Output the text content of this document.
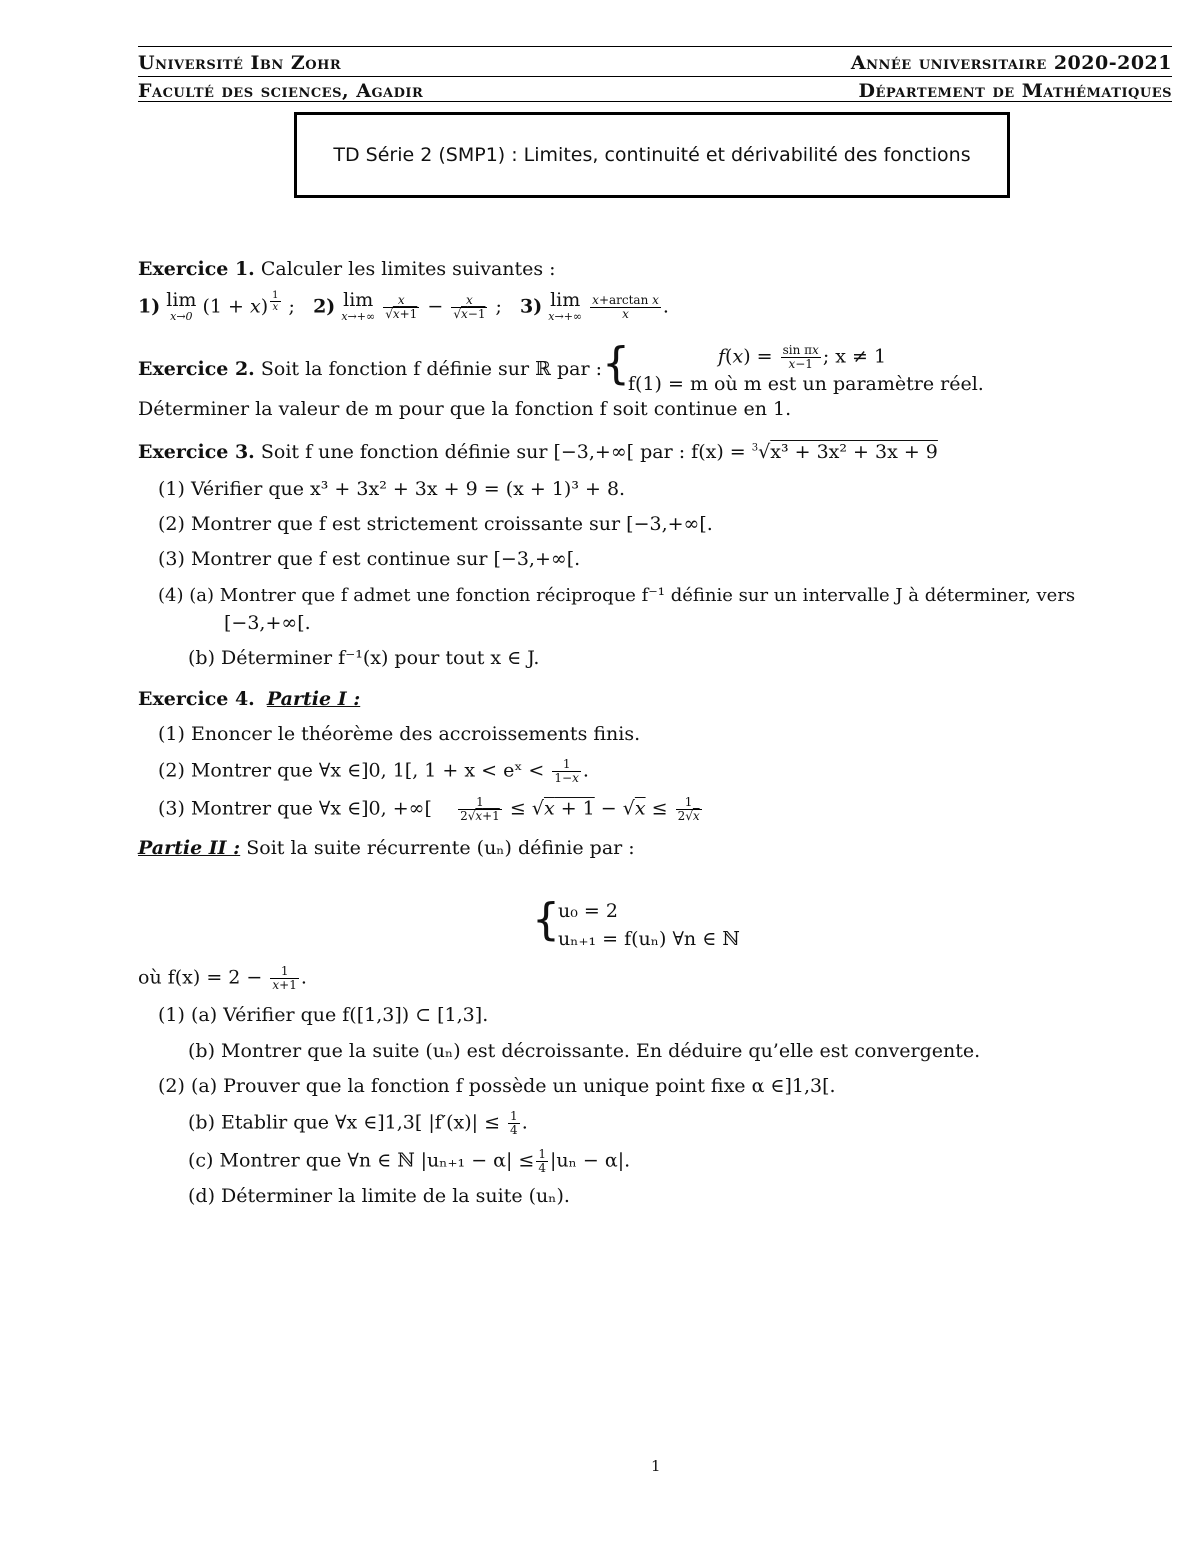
Université Ibn Zohr	Année universitaire 2020-2021
Faculté des sciences, Agadir	Département de Mathématiques
TD Série 2 (SMP1) : Limites, continuité et dérivabilité des fonctions
Exercice 1. Calculer les limites suivantes :
1) lim
x→0 (1 + x) $^{\frac{1}{x}}$ ;   2) lim
x→+∞
$\frac{x}{√x+1} - \frac{x}{√x-1}$ ;   3) lim
x→+∞
$\frac{\text{x+arctan x}}{x}$ .
Exercice 2. Soit la fonction f définie sur ℝ par : {	$f(x) = \frac{\text{sin πx}}{x-1}$ ; x ≠ 1
f(1) = m où m est un paramètre réel.
Déterminer la valeur de m pour que la fonction f soit continue en 1.
Exercice 3. Soit f une fonction définie sur [−3,+∞[ par : f(x) = $^3$√x³ + 3x² + 3x + 9
(1) Vérifier que x³ + 3x² + 3x + 9 = (x + 1)³ + 8.
(2) Montrer que f est strictement croissante sur [−3,+∞[.
(3) Montrer que f est continue sur [−3,+∞[.
(4) (a) Montrer que f admet une fonction réciproque f⁻¹ définie sur un intervalle J à déterminer, vers
[−3,+∞[.
(b) Déterminer f⁻¹(x) pour tout x ∈ J.
Exercice 4. Partie I :
(1) Enoncer le théorème des accroissements finis.
(2) Montrer que ∀x ∈]0, 1[, 1 + x < eˣ < $\frac{1}{1-x}$ .
(3) Montrer que ∀x ∈]0, +∞[ $\frac{1}{2√x+1} \le √x + 1 - √x \le \frac{1}{2√x}$
Partie II : Soit la suite récurrente (uₙ) définie par :
{
u₀ = 2
uₙ₊₁ = f(uₙ) ∀n ∈ ℕ
où $f(x) = 2 - \frac{1}{x+1}$ .
(1) (a) Vérifier que f([1,3]) ⊂ [1,3].
(b) Montrer que la suite (uₙ) est décroissante. En déduire qu’elle est convergente.
(2) (a) Prouver que la fonction f possède un unique point fixe α ∈]1,3[.
(b) Etablir que ∀x ∈]1,3[ $|f'(x)| \le \frac{1}{4}$ .
(c) Montrer que ∀n ∈ ℕ $|u_{n+1} - \alpha| \le \frac{1}{4} |u_n - \alpha|$.
(d) Déterminer la limite de la suite (uₙ).
1
